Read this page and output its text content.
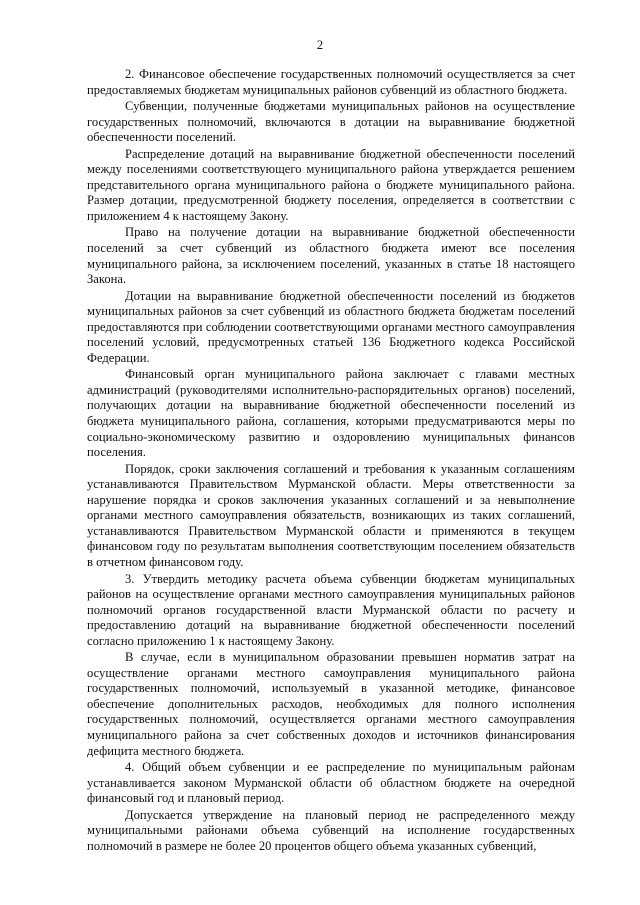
2

2. Финансовое обеспечение государственных полномочий осуществляется за счет предоставляемых бюджетам муниципальных районов субвенций из областного бюджета.

Субвенции, полученные бюджетами муниципальных районов на осуществление государственных полномочий, включаются в дотации на выравнивание бюджетной обеспеченности поселений.

Распределение дотаций на выравнивание бюджетной обеспеченности поселений между поселениями соответствующего муниципального района утверждается решением представительного органа муниципального района о бюджете муниципального района. Размер дотации, предусмотренной бюджету поселения, определяется в соответствии с приложением 4 к настоящему Закону.

Право на получение дотации на выравнивание бюджетной обеспеченности поселений за счет субвенций из областного бюджета имеют все поселения муниципального района, за исключением поселений, указанных в статье 18 настоящего Закона.

Дотации на выравнивание бюджетной обеспеченности поселений из бюджетов муниципальных районов за счет субвенций из областного бюджета бюджетам поселений предоставляются при соблюдении соответствующими органами местного самоуправления поселений условий, предусмотренных статьей 136 Бюджетного кодекса Российской Федерации.

Финансовый орган муниципального района заключает с главами местных администраций (руководителями исполнительно-распорядительных органов) поселений, получающих дотации на выравнивание бюджетной обеспеченности поселений из бюджета муниципального района, соглашения, которыми предусматриваются меры по социально-экономическому развитию и оздоровлению муниципальных финансов поселения.

Порядок, сроки заключения соглашений и требования к указанным соглашениям устанавливаются Правительством Мурманской области. Меры ответственности за нарушение порядка и сроков заключения указанных соглашений и за невыполнение органами местного самоуправления обязательств, возникающих из таких соглашений, устанавливаются Правительством Мурманской области и применяются в текущем финансовом году по результатам выполнения соответствующим поселением обязательств в отчетном финансовом году.

3. Утвердить методику расчета объема субвенции бюджетам муниципальных районов на осуществление органами местного самоуправления муниципальных районов полномочий органов государственной власти Мурманской области по расчету и предоставлению дотаций на выравнивание бюджетной обеспеченности поселений согласно приложению 1 к настоящему Закону.

В случае, если в муниципальном образовании превышен норматив затрат на осуществление органами местного самоуправления муниципального района государственных полномочий, используемый в указанной методике, финансовое обеспечение дополнительных расходов, необходимых для полного исполнения государственных полномочий, осуществляется органами местного самоуправления муниципального района за счет собственных доходов и источников финансирования дефицита местного бюджета.

4. Общий объем субвенции и ее распределение по муниципальным районам устанавливается законом Мурманской области об областном бюджете на очередной финансовый год и плановый период.

Допускается утверждение на плановый период не распределенного между муниципальными районами объема субвенций на исполнение государственных полномочий в размере не более 20 процентов общего объема указанных субвенций,
